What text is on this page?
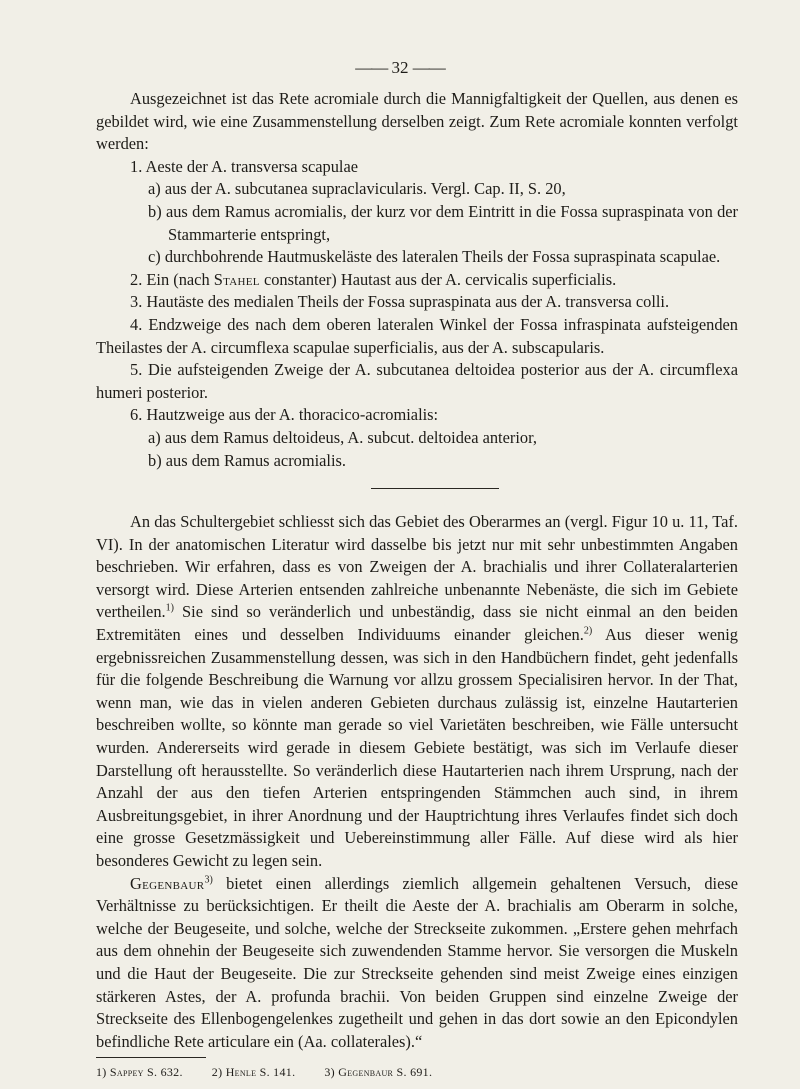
—— 32 ——

Ausgezeichnet ist das Rete acromiale durch die Mannigfaltigkeit der Quellen, aus denen es gebildet wird, wie eine Zusammenstellung derselben zeigt. Zum Rete acromiale konnten verfolgt werden:

1. Aeste der A. transversa scapulae

a) aus der A. subcutanea supraclavicularis. Vergl. Cap. II, S. 20,

b) aus dem Ramus acromialis, der kurz vor dem Eintritt in die Fossa supraspinata von der Stammarterie entspringt,

c) durchbohrende Hautmuskeläste des lateralen Theils der Fossa supraspinata scapulae.

2. Ein (nach Stahel constanter) Hautast aus der A. cervicalis superficialis.

3. Hautäste des medialen Theils der Fossa supraspinata aus der A. transversa colli.

4. Endzweige des nach dem oberen lateralen Winkel der Fossa infraspinata aufsteigenden Theilastes der A. circumflexa scapulae superficialis, aus der A. subscapularis.

5. Die aufsteigenden Zweige der A. subcutanea deltoidea posterior aus der A. circumflexa humeri posterior.

6. Hautzweige aus der A. thoracico-acromialis:

a) aus dem Ramus deltoideus, A. subcut. deltoidea anterior,

b) aus dem Ramus acromialis.

An das Schultergebiet schliesst sich das Gebiet des Oberarmes an (vergl. Figur 10 u. 11, Taf. VI). In der anatomischen Literatur wird dasselbe bis jetzt nur mit sehr unbestimmten Angaben beschrieben. Wir erfahren, dass es von Zweigen der A. brachialis und ihrer Collateralarterien versorgt wird. Diese Arterien entsenden zahlreiche unbenannte Nebenäste, die sich im Gebiete vertheilen.$^{1)}$ Sie sind so veränderlich und unbeständig, dass sie nicht einmal an den beiden Extremitäten eines und desselben Individuums einander gleichen.$^{2)}$ Aus dieser wenig ergebnissreichen Zusammenstellung dessen, was sich in den Handbüchern findet, geht jedenfalls für die folgende Beschreibung die Warnung vor allzu grossem Specialisiren hervor. In der That, wenn man, wie das in vielen anderen Gebieten durchaus zulässig ist, einzelne Hautarterien beschreiben wollte, so könnte man gerade so viel Varietäten beschreiben, wie Fälle untersucht wurden. Andererseits wird gerade in diesem Gebiete bestätigt, was sich im Verlaufe dieser Darstellung oft herausstellte. So veränderlich diese Hautarterien nach ihrem Ursprung, nach der Anzahl der aus den tiefen Arterien entspringenden Stämmchen auch sind, in ihrem Ausbreitungsgebiet, in ihrer Anordnung und der Hauptrichtung ihres Verlaufes findet sich doch eine grosse Gesetzmässigkeit und Uebereinstimmung aller Fälle. Auf diese wird als hier besonderes Gewicht zu legen sein.

Gegenbaur$^{3)}$ bietet einen allerdings ziemlich allgemein gehaltenen Versuch, diese Verhältnisse zu berücksichtigen. Er theilt die Aeste der A. brachialis am Oberarm in solche, welche der Beugeseite, und solche, welche der Streckseite zukommen. „Erstere gehen mehrfach aus dem ohnehin der Beugeseite sich zuwendenden Stamme hervor. Sie versorgen die Muskeln und die Haut der Beugeseite. Die zur Streckseite gehenden sind meist Zweige eines einzigen stärkeren Astes, der A. profunda brachii. Von beiden Gruppen sind einzelne Zweige der Streckseite des Ellenbogengelenkes zugetheilt und gehen in das dort sowie an den Epicondylen befindliche Rete articulare ein (Aa. collaterales).“

1) Sappey S. 632. 2) Henle S. 141. 3) Gegenbaur S. 691.
